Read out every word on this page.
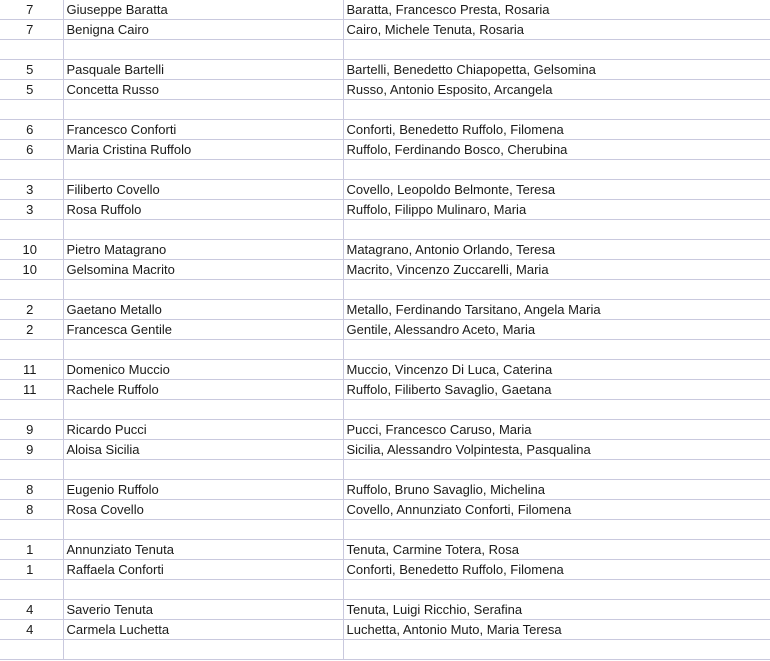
7	Giuseppe Baratta	Baratta, Francesco Presta, Rosaria
7	Benigna Cairo	Cairo, Michele Tenuta, Rosaria

5	Pasquale Bartelli	Bartelli, Benedetto Chiapopetta, Gelsomina
5	Concetta Russo	Russo, Antonio Esposito, Arcangela

6	Francesco Conforti	Conforti, Benedetto Ruffolo, Filomena
6	Maria Cristina Ruffolo	Ruffolo, Ferdinando Bosco, Cherubina

3	Filiberto Covello	Covello, Leopoldo Belmonte, Teresa
3	Rosa Ruffolo	Ruffolo, Filippo Mulinaro, Maria

10	Pietro Matagrano	Matagrano, Antonio Orlando, Teresa
10	Gelsomina Macrito	Macrito, Vincenzo Zuccarelli, Maria

2	Gaetano Metallo	Metallo, Ferdinando Tarsitano, Angela Maria
2	Francesca Gentile	Gentile, Alessandro Aceto, Maria

11	Domenico Muccio	Muccio, Vincenzo Di Luca, Caterina
11	Rachele Ruffolo	Ruffolo, Filiberto Savaglio, Gaetana

9	Ricardo Pucci	Pucci, Francesco Caruso, Maria
9	Aloisa Sicilia	Sicilia, Alessandro Volpintesta, Pasqualina

8	Eugenio Ruffolo	Ruffolo, Bruno Savaglio, Michelina
8	Rosa Covello	Covello, Annunziato Conforti, Filomena

1	Annunziato Tenuta	Tenuta, Carmine Totera, Rosa
1	Raffaela Conforti	Conforti, Benedetto Ruffolo, Filomena

4	Saverio Tenuta	Tenuta, Luigi Ricchio, Serafina
4	Carmela Luchetta	Luchetta, Antonio Muto, Maria Teresa
